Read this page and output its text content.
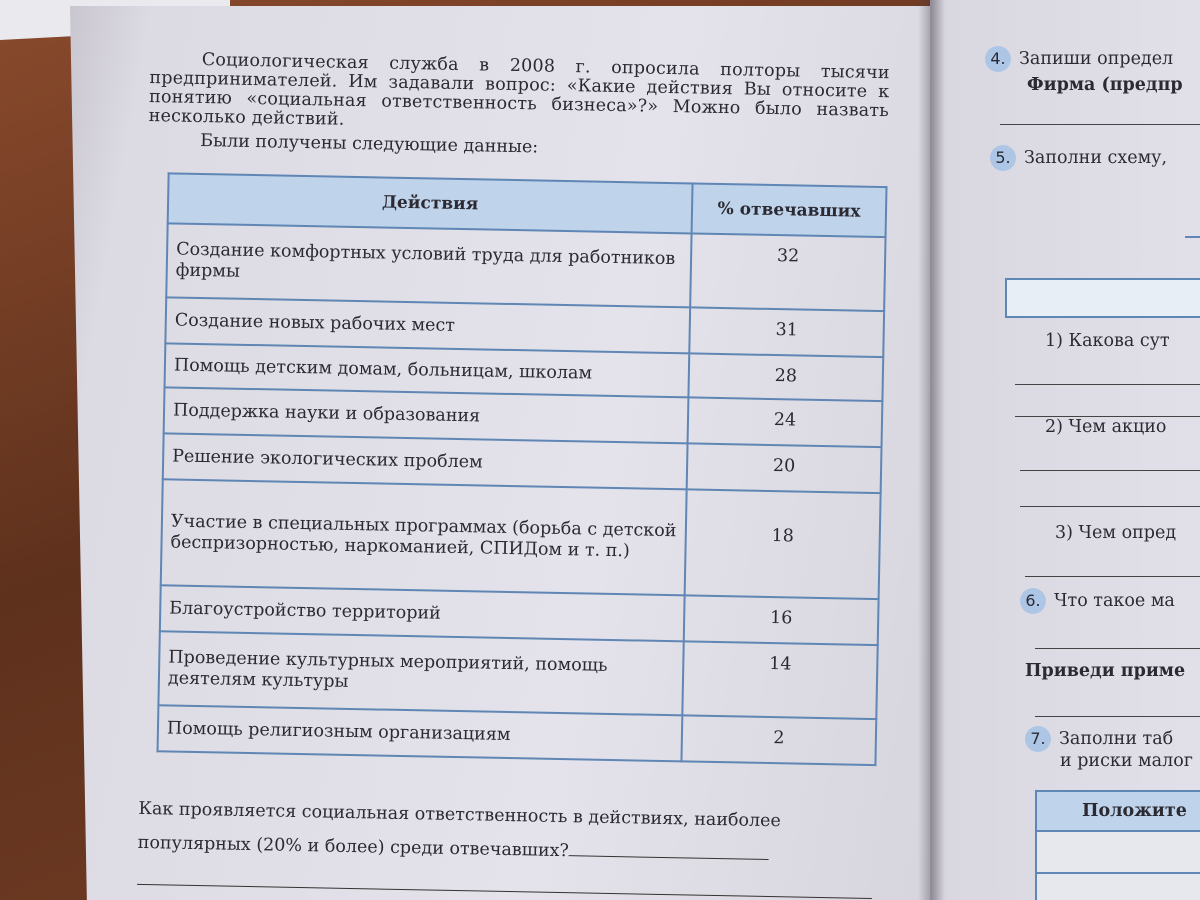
Социологическая служба в 2008 г. опросила полторы тысячи предпринимателей. Им задавали вопрос: «Какие действия Вы относите к понятию «социальная ответственность бизнеса»?» Можно было назвать несколько действий.

Были получены следующие данные:

Действия	% отвечавших
Создание комфортных условий труда для работников фирмы	32
Создание новых рабочих мест	31
Помощь детским домам, больницам, школам	28
Поддержка науки и образования	24
Решение экологических проблем	20
Участие в специальных программах (борьба с детской беспризорностью, наркоманией, СПИДом и т. п.)	18
Благоустройство территорий	16
Проведение культурных мероприятий, помощь деятелям культуры	14
Помощь религиозным организациям	2
Как проявляется социальная ответственность в действиях, наиболее популярных (20% и более) среди отвечавших?
4. Запиши определ
Фирма (предпр
5. Заполни схему,
1) Какова сут
2) Чем акцио
3) Чем опред
6. Что такое ма
Приведи приме
7. Заполни таб
и риски малог
Положите
